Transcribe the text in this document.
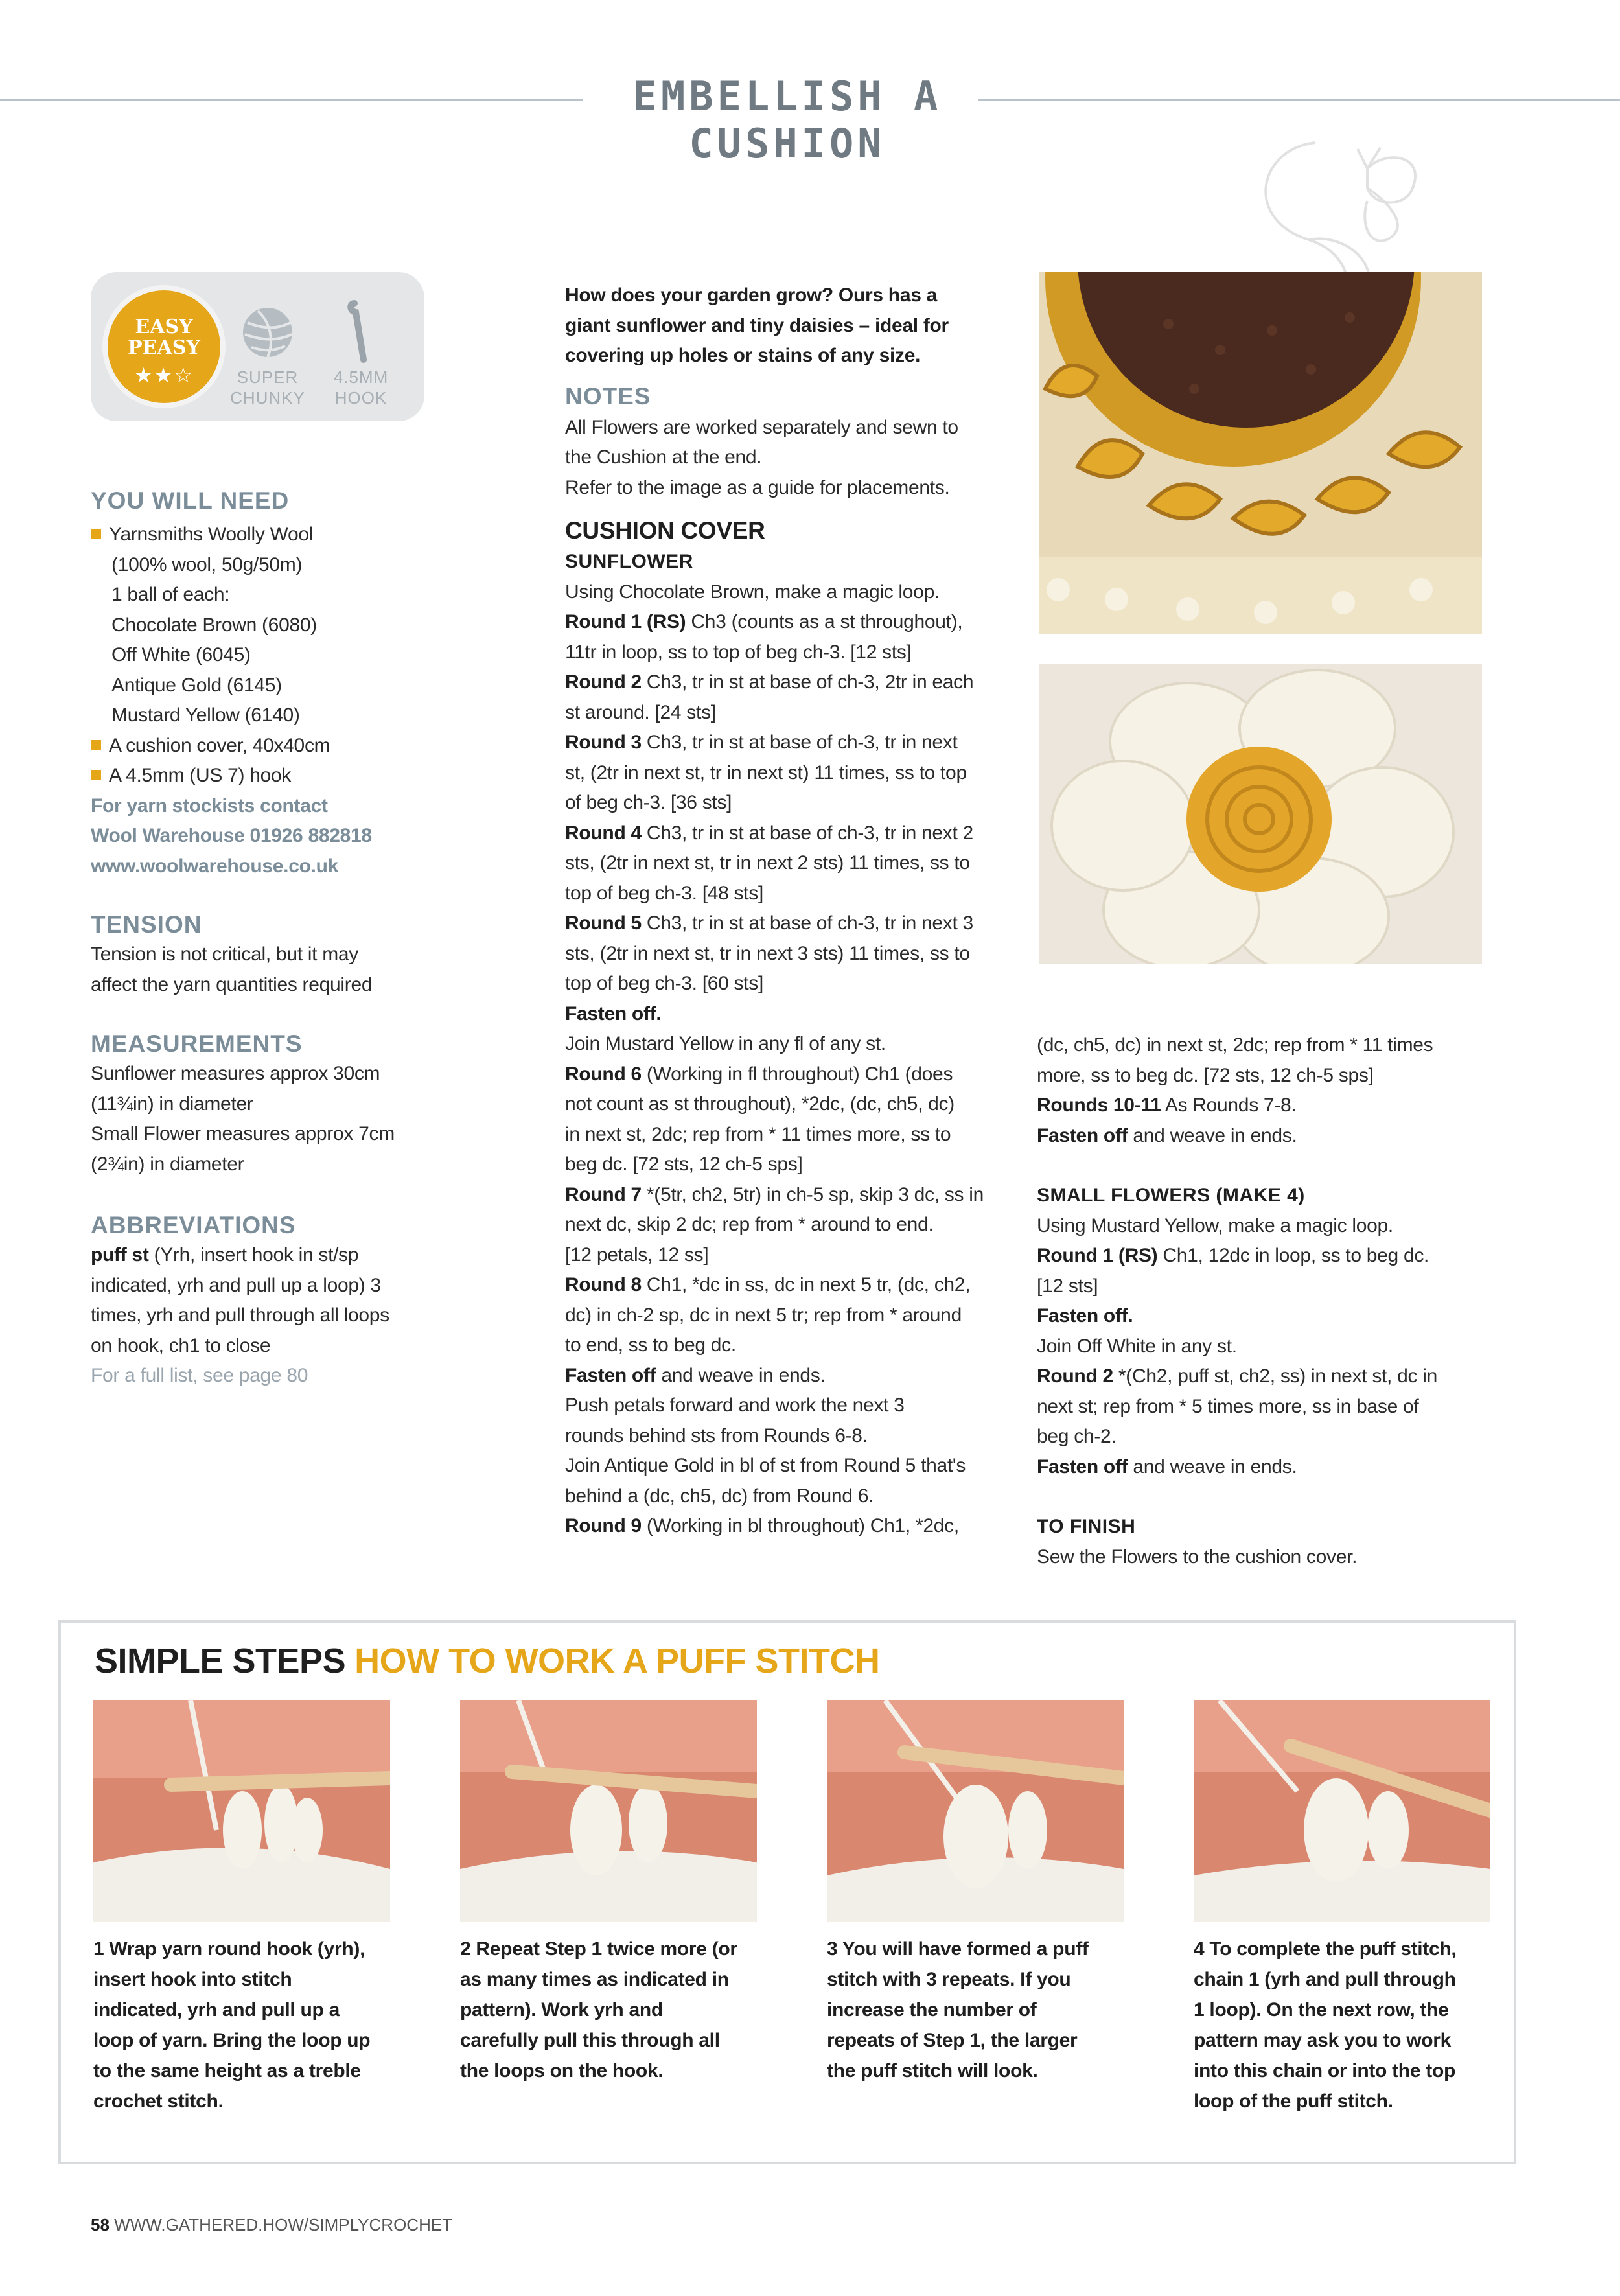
EMBELLISH A CUSHION
EASY
PEASY
★★☆	SUPER
CHUNKY
4.5MM
HOOK
YOU WILL NEED
Yarnsmiths Woolly Wool
(100% wool, 50g/50m)
1 ball of each:
Chocolate Brown (6080)
Off White (6045)
Antique Gold (6145)
Mustard Yellow (6140)
A cushion cover, 40x40cm
A 4.5mm (US 7) hook
For yarn stockists contact
Wool Warehouse 01926 882818
www.woolwarehouse.co.uk
TENSION
Tension is not critical, but it may
affect the yarn quantities required
MEASUREMENTS
Sunflower measures approx 30cm
(11¾in) in diameter
Small Flower measures approx 7cm
(2¾in) in diameter
ABBREVIATIONS
puff st (Yrh, insert hook in st/sp
indicated, yrh and pull up a loop) 3
times, yrh and pull through all loops
on hook, ch1 to close
For a full list, see page 80
How does your garden grow? Ours has a
giant sunflower and tiny daisies – ideal for
covering up holes or stains of any size.
NOTES
All Flowers are worked separately and sewn to
the Cushion at the end.
Refer to the image as a guide for placements.
CUSHION COVER
SUNFLOWER
Using Chocolate Brown, make a magic loop.
Round 1 (RS) Ch3 (counts as a st throughout),
11tr in loop, ss to top of beg ch-3. [12 sts]
Round 2 Ch3, tr in st at base of ch-3, 2tr in each
st around. [24 sts]
Round 3 Ch3, tr in st at base of ch-3, tr in next
st, (2tr in next st, tr in next st) 11 times, ss to top
of beg ch-3. [36 sts]
Round 4 Ch3, tr in st at base of ch-3, tr in next 2
sts, (2tr in next st, tr in next 2 sts) 11 times, ss to
top of beg ch-3. [48 sts]
Round 5 Ch3, tr in st at base of ch-3, tr in next 3
sts, (2tr in next st, tr in next 3 sts) 11 times, ss to
top of beg ch-3. [60 sts]
Fasten off.
Join Mustard Yellow in any fl of any st.
Round 6 (Working in fl throughout) Ch1 (does
not count as st throughout), *2dc, (dc, ch5, dc)
in next st, 2dc; rep from * 11 times more, ss to
beg dc. [72 sts, 12 ch-5 sps]
Round 7 *(5tr, ch2, 5tr) in ch-5 sp, skip 3 dc, ss in
next dc, skip 2 dc; rep from * around to end.
[12 petals, 12 ss]
Round 8 Ch1, *dc in ss, dc in next 5 tr, (dc, ch2,
dc) in ch-2 sp, dc in next 5 tr; rep from * around
to end, ss to beg dc.
Fasten off and weave in ends.
Push petals forward and work the next 3
rounds behind sts from Rounds 6-8.
Join Antique Gold in bl of st from Round 5 that's
behind a (dc, ch5, dc) from Round 6.
Round 9 (Working in bl throughout) Ch1, *2dc,
(dc, ch5, dc) in next st, 2dc; rep from * 11 times
more, ss to beg dc. [72 sts, 12 ch-5 sps]
Rounds 10-11 As Rounds 7-8.
Fasten off and weave in ends.
SMALL FLOWERS (MAKE 4)
Using Mustard Yellow, make a magic loop.
Round 1 (RS) Ch1, 12dc in loop, ss to beg dc.
[12 sts]
Fasten off.
Join Off White in any st.
Round 2 *(Ch2, puff st, ch2, ss) in next st, dc in
next st; rep from * 5 times more, ss in base of
beg ch-2.
Fasten off and weave in ends.
TO FINISH
Sew the Flowers to the cushion cover.
SIMPLE STEPS HOW TO WORK A PUFF STITCH
1 Wrap yarn round hook (yrh),
insert hook into stitch
indicated, yrh and pull up a
loop of yarn. Bring the loop up
to the same height as a treble
crochet stitch.
2 Repeat Step 1 twice more (or
as many times as indicated in
pattern). Work yrh and
carefully pull this through all
the loops on the hook.
3 You will have formed a puff
stitch with 3 repeats. If you
increase the number of
repeats of Step 1, the larger
the puff stitch will look.
4 To complete the puff stitch,
chain 1 (yrh and pull through
1 loop). On the next row, the
pattern may ask you to work
into this chain or into the top
loop of the puff stitch.
58 WWW.GATHERED.HOW/SIMPLYCROCHET
